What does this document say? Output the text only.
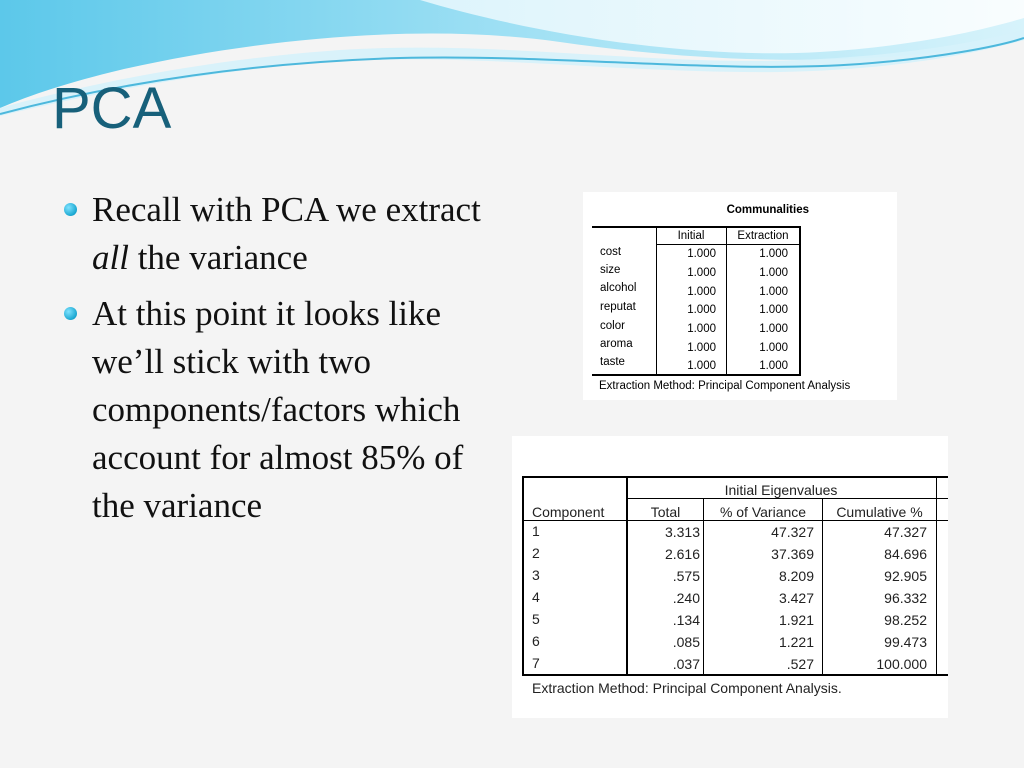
PCA
Recall with PCA we extract all the variance
At this point it looks like we’ll stick with two components/factors which account for almost 85% of the variance
Communalities
Initial	Extraction
cost	1.000	1.000
size	1.000	1.000
alcohol	1.000	1.000
reputat	1.000	1.000
color	1.000	1.000
aroma	1.000	1.000
taste	1.000	1.000
Extraction Method: Principal Component Analysis
Initial Eigenvalues
Component	Total	% of Variance	Cumulative %
1	3.313	47.327	47.327
2	2.616	37.369	84.696
3	.575	8.209	92.905
4	.240	3.427	96.332
5	.134	1.921	98.252
6	.085	1.221	99.473
7	.037	.527	100.000
Extraction Method: Principal Component Analysis.
